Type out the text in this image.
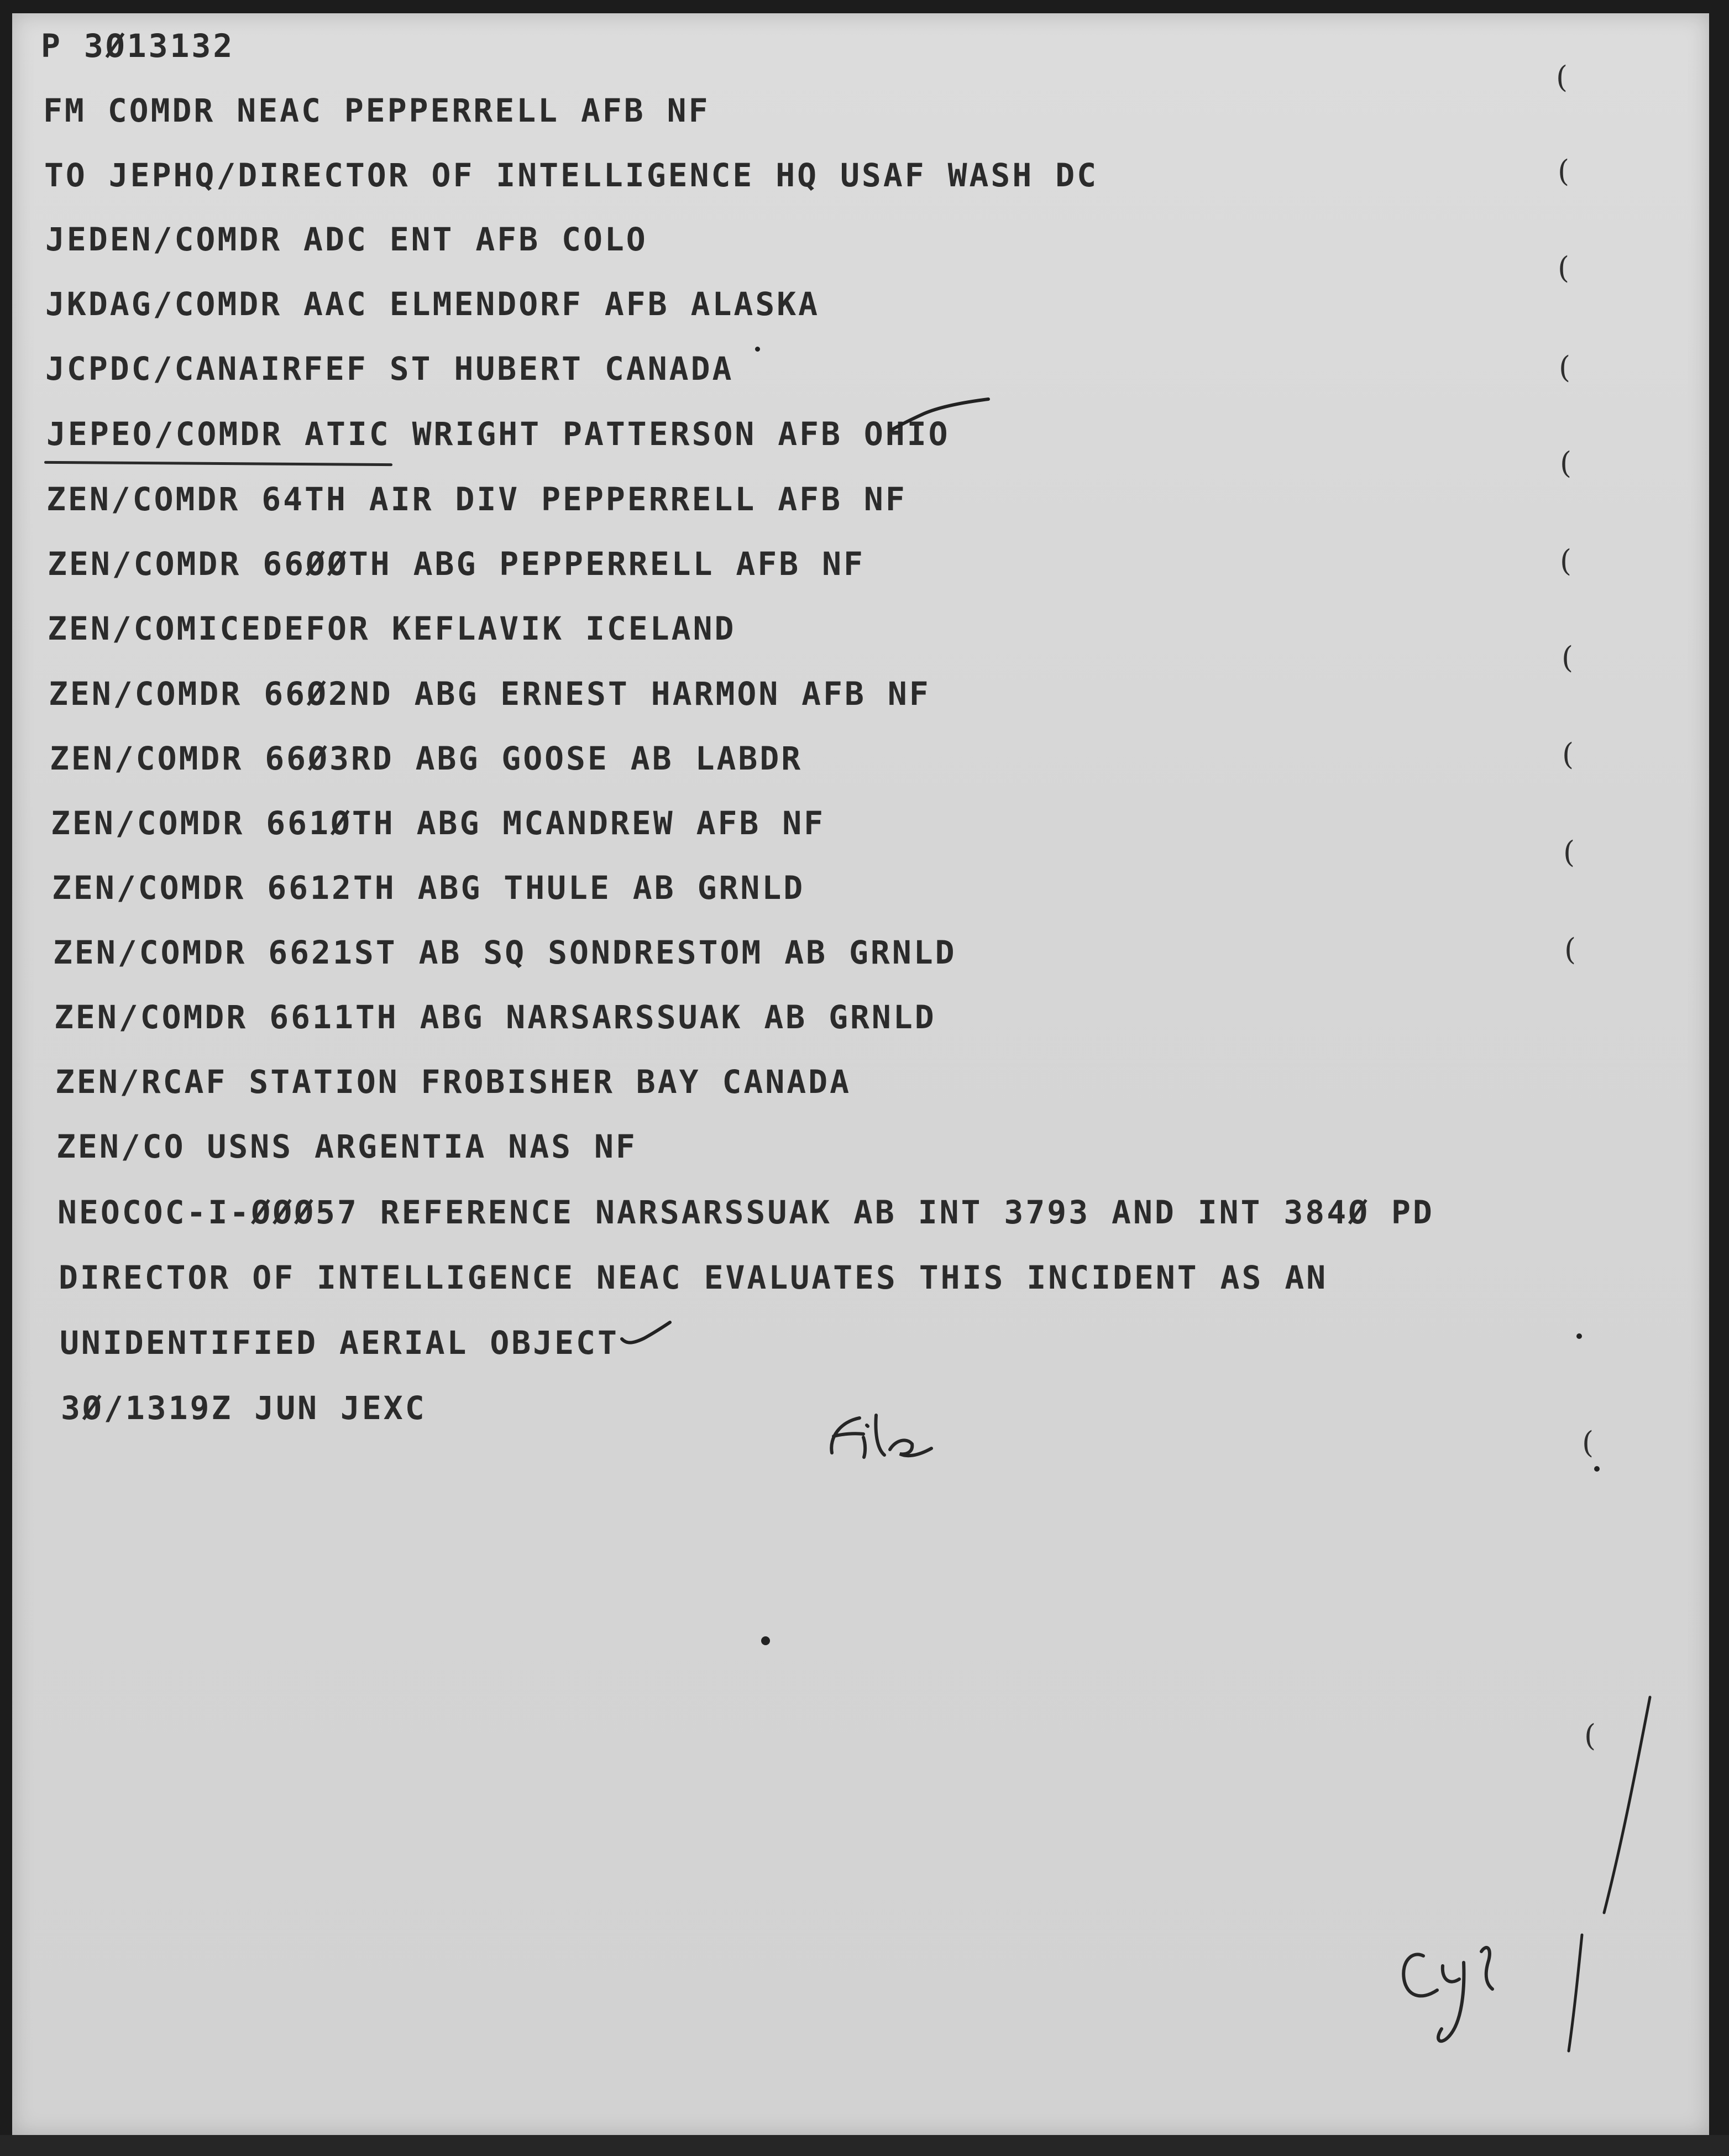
P 3Ø13132
FM COMDR NEAC PEPPERRELL AFB NF
TO JEPHQ/DIRECTOR OF INTELLIGENCE HQ USAF WASH DC
JEDEN/COMDR ADC ENT AFB COLO
JKDAG/COMDR AAC ELMENDORF AFB ALASKA
JCPDC/CANAIRFEF ST HUBERT CANADA
JEPEO/COMDR ATIC WRIGHT PATTERSON AFB OHIO
ZEN/COMDR 64TH AIR DIV PEPPERRELL AFB NF
ZEN/COMDR 66ØØTH ABG PEPPERRELL AFB NF
ZEN/COMICEDEFOR KEFLAVIK ICELAND
ZEN/COMDR 66Ø2ND ABG ERNEST HARMON AFB NF
ZEN/COMDR 66Ø3RD ABG GOOSE AB LABDR
ZEN/COMDR 661ØTH ABG MCANDREW AFB NF
ZEN/COMDR 6612TH ABG THULE AB GRNLD
ZEN/COMDR 6621ST AB SQ SONDRESTOM AB GRNLD
ZEN/COMDR 6611TH ABG NARSARSSUAK AB GRNLD
ZEN/RCAF STATION FROBISHER BAY CANADA
ZEN/CO USNS ARGENTIA NAS NF
NEOCOC-I-ØØØ57 REFERENCE NARSARSSUAK AB INT 3793 AND INT 384Ø PD
DIRECTOR OF INTELLIGENCE NEAC EVALUATES THIS INCIDENT AS AN
UNIDENTIFIED AERIAL OBJECT
3Ø/1319Z JUN JEXC
(
(
(
(
(
(
(
(
(
(
(
(
